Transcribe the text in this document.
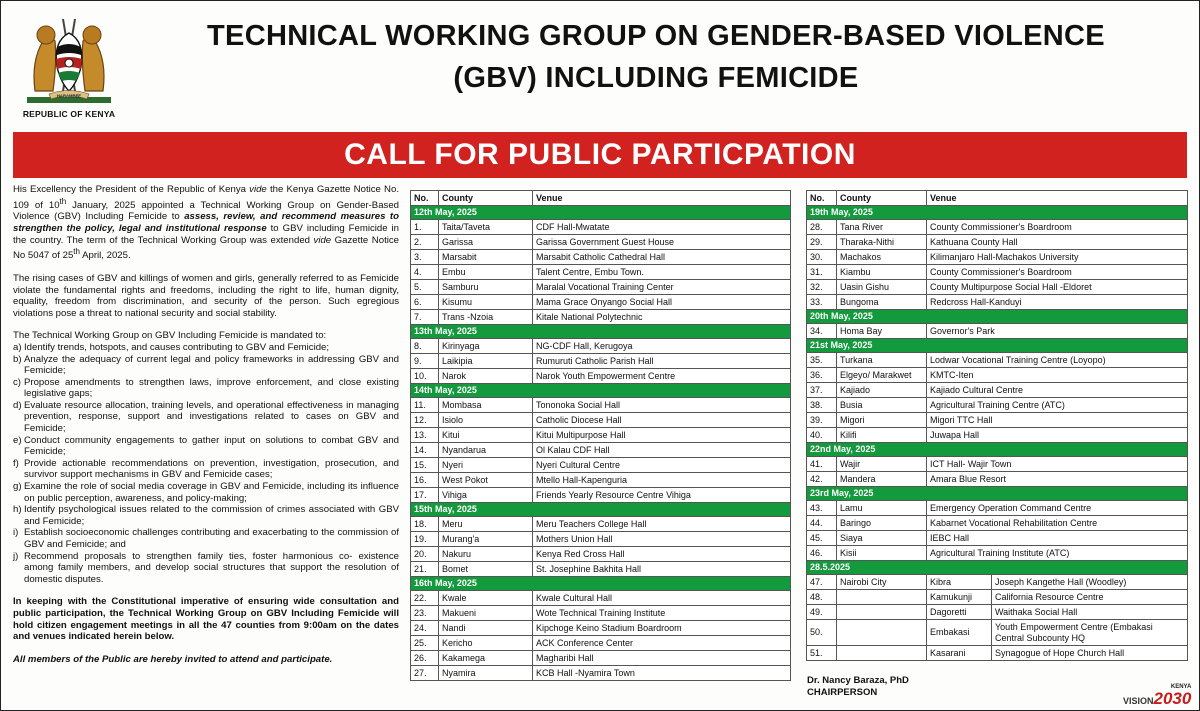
HARAMBEE
REPUBLIC OF KENYA
TECHNICAL WORKING GROUP ON GENDER-BASED VIOLENCE
(GBV) INCLUDING FEMICIDE
CALL FOR PUBLIC PARTICPATION

His Excellency the President of the Republic of Kenya vide the Kenya Gazette Notice No. 109 of 10th January, 2025 appointed a Technical Working Group on Gender-Based Violence (GBV) Including Femicide to assess, review, and recommend measures to strengthen the policy, legal and institutional response to GBV including Femicide in the country. The term of the Technical Working Group was extended vide Gazette Notice No 5047 of 25th April, 2025.

The rising cases of GBV and killings of women and girls, generally referred to as Femicide violate the fundamental rights and freedoms, including the right to life, human dignity, equality, freedom from discrimination, and security of the person. Such egregious violations pose a threat to national security and social stability.

The Technical Working Group on GBV Including Femicide is mandated to:
a) Identify trends, hotspots, and causes contributing to GBV and Femicide;
b) Analyze the adequacy of current legal and policy frameworks in addressing GBV and Femicide;
c) Propose amendments to strengthen laws, improve enforcement, and close existing legislative gaps;
d) Evaluate resource allocation, training levels, and operational effectiveness in managing prevention, response, support and investigations related to cases on GBV and Femicide;
e) Conduct community engagements to gather input on solutions to combat GBV and Femicide;
f) Provide actionable recommendations on prevention, investigation, prosecution, and survivor support mechanisms in GBV and Femicide cases;
g) Examine the role of social media coverage in GBV and Femicide, including its influence on public perception, awareness, and policy-making;
h) Identify psychological issues related to the commission of crimes associated with GBV and Femicide;
i) Establish socioeconomic challenges contributing and exacerbating to the commission of GBV and Femicide; and
j) Recommend proposals to strengthen family ties, foster harmonious co- existence among family members, and develop social structures that support the resolution of domestic disputes.

In keeping with the Constitutional imperative of ensuring wide consultation and public participation, the Technical Working Group on GBV Including Femicide will hold citizen engagement meetings in all the 47 counties from 9:00am on the dates and venues indicated herein below.

All members of the Public are hereby invited to attend and participate.
No.	County	Venue
12th May, 2025		
1.	Taita/Taveta	CDF Hall-Mwatate
2.	Garissa	Garissa Government Guest House
3.	Marsabit	Marsabit Catholic Cathedral Hall
4.	Embu	Talent Centre, Embu Town.
5.	Samburu	Maralal Vocational Training Center
6.	Kisumu	Mama Grace Onyango Social Hall
7.	Trans -Nzoia	Kitale National Polytechnic
13th May, 2025		
8.	Kirinyaga	NG-CDF Hall, Kerugoya
9.	Laikipia	Rumuruti Catholic Parish Hall
10.	Narok	Narok Youth Empowerment Centre
14th May, 2025		
11.	Mombasa	Tononoka Social Hall
12.	Isiolo	Catholic Diocese Hall
13.	Kitui	Kitui Multipurpose Hall
14.	Nyandarua	Ol Kalau CDF Hall
15.	Nyeri	Nyeri Cultural Centre
16.	West Pokot	Mtello Hall-Kapenguria
17.	Vihiga	Friends Yearly Resource Centre Vihiga
15th May, 2025		
18.	Meru	Meru Teachers College Hall
19.	Murang'a	Mothers Union Hall
20.	Nakuru	Kenya Red Cross Hall
21.	Bomet	St. Josephine Bakhita Hall
16th May, 2025		
22.	Kwale	Kwale Cultural Hall
23.	Makueni	Wote Technical Training Institute
24.	Nandi	Kipchoge Keino Stadium Boardroom
25.	Kericho	ACK Conference Center
26.	Kakamega	Magharibi Hall
27.	Nyamira	KCB Hall -Nyamira Town
No.	County	Venue	
19th May, 2025			
28.	Tana River	County Commissioner's Boardroom	
29.	Tharaka-Nithi	Kathuana County Hall	
30.	Machakos	Kilimanjaro Hall-Machakos University	
31.	Kiambu	County Commissioner's Boardroom	
32.	Uasin Gishu	County Multipurpose Social Hall -Eldoret	
33.	Bungoma	Redcross Hall-Kanduyi	
20th May, 2025			
34.	Homa Bay	Governor's Park	
21st May, 2025			
35.	Turkana	Lodwar Vocational Training Centre (Loyopo)	
36.	Elgeyo/ Marakwet	KMTC-Iten	
37.	Kajiado	Kajiado Cultural Centre	
38.	Busia	Agricultural Training Centre (ATC)	
39.	Migori	Migori TTC Hall	
40.	Kilifi	Juwapa Hall	
22nd May, 2025			
41.	Wajir	ICT Hall- Wajir Town	
42.	Mandera	Amara Blue Resort	
23rd May, 2025			
43.	Lamu	Emergency Operation Command Centre	
44.	Baringo	Kabarnet Vocational Rehabilitation Centre	
45.	Siaya	IEBC Hall	
46.	Kisii	Agricultural Training Institute (ATC)	
28.5.2025			
47.	Nairobi City	Kibra	Joseph Kangethe Hall (Woodley)
48.		Kamukunji	California Resource Centre
49.		Dagoretti	Waithaka Social Hall
50.		Embakasi	Youth Empowerment Centre (Embakasi Central Subcounty HQ
51.		Kasarani	Synagogue of Hope Church Hall
Dr. Nancy Baraza, PhD
CHAIRPERSON	KENYA
VISION2030
